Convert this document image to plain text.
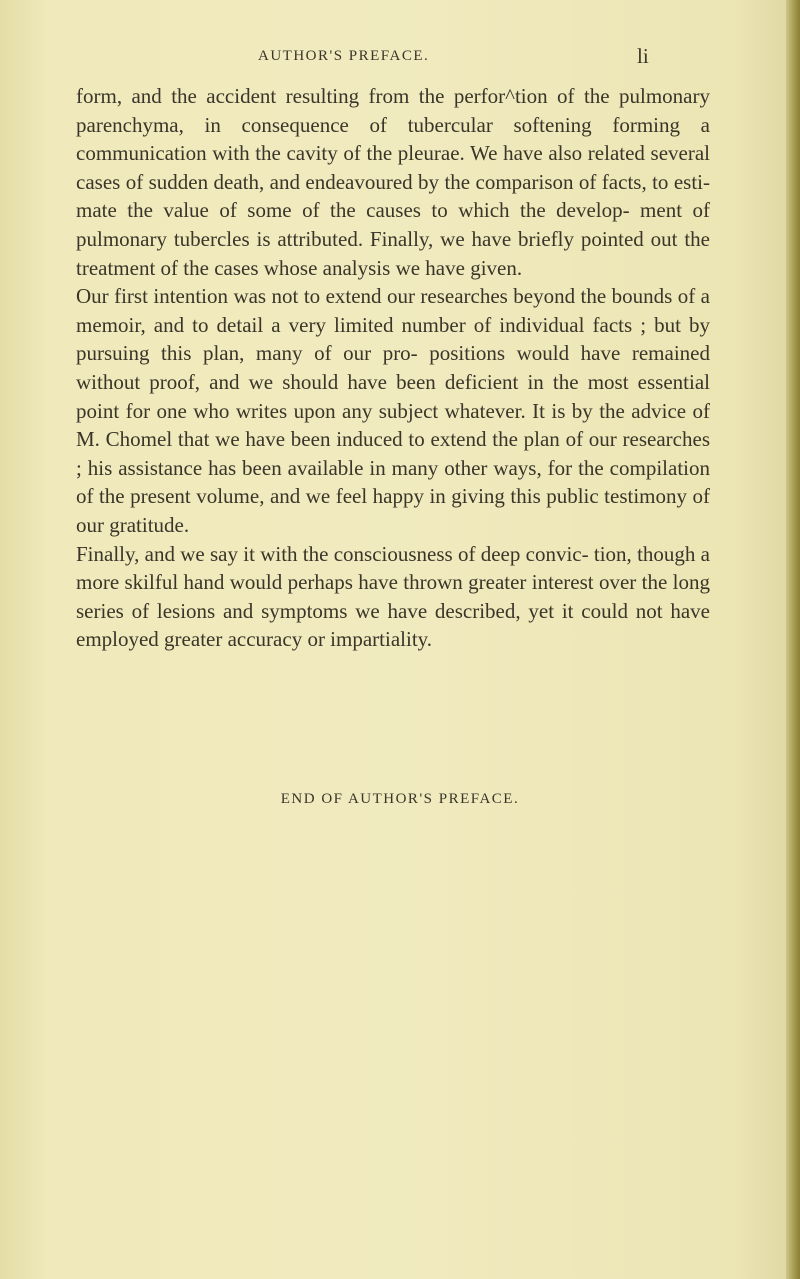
AUTHOR'S PREFACE.	li

form, and the accident resulting from the perfor^tion of the pulmonary parenchyma, in consequence of tubercular softening forming a communication with the cavity of the pleurae. We have also related several cases of sudden death, and endeavoured by the comparison of facts, to esti- mate the value of some of the causes to which the develop- ment of pulmonary tubercles is attributed. Finally, we have briefly pointed out the treatment of the cases whose analysis we have given.

Our first intention was not to extend our researches beyond the bounds of a memoir, and to detail a very limited number of individual facts ; but by pursuing this plan, many of our pro- positions would have remained without proof, and we should have been deficient in the most essential point for one who writes upon any subject whatever. It is by the advice of M. Chomel that we have been induced to extend the plan of our researches ; his assistance has been available in many other ways, for the compilation of the present volume, and we feel happy in giving this public testimony of our gratitude.

Finally, and we say it with the consciousness of deep convic- tion, though a more skilful hand would perhaps have thrown greater interest over the long series of lesions and symptoms we have described, yet it could not have employed greater accuracy or impartiality.

END OF AUTHOR'S PREFACE.
